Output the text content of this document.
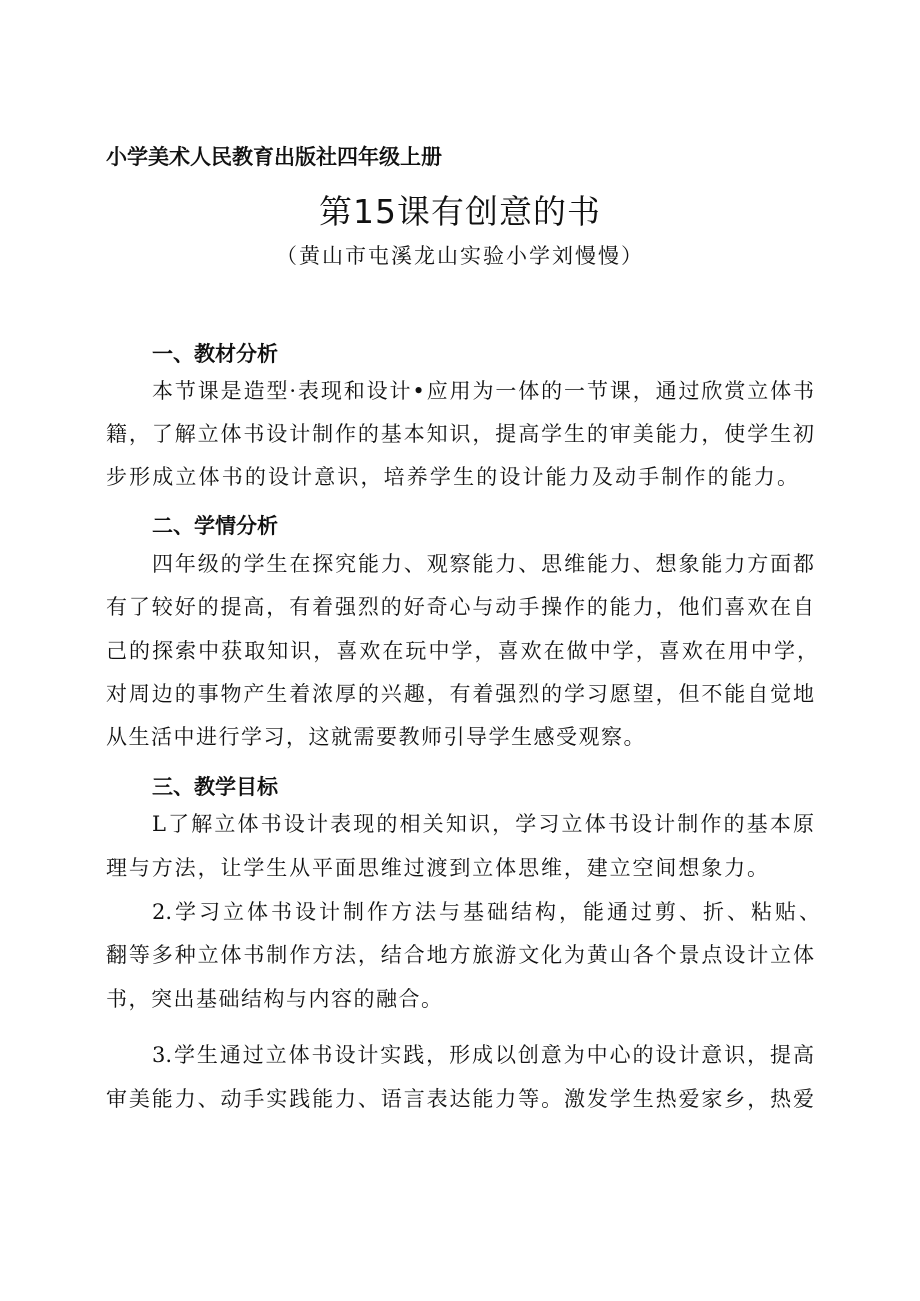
小学美术人民教育出版社四年级上册
第15课有创意的书
（黄山市屯溪龙山实验小学刘慢慢）
一、教材分析
本节课是造型·表现和设计•应用为一体的一节课，通过欣赏立体书
籍，了解立体书设计制作的基本知识，提高学生的审美能力，使学生初
步形成立体书的设计意识，培养学生的设计能力及动手制作的能力。
二、学情分析
四年级的学生在探究能力、观察能力、思维能力、想象能力方面都
有了较好的提高，有着强烈的好奇心与动手操作的能力，他们喜欢在自
己的探索中获取知识，喜欢在玩中学，喜欢在做中学，喜欢在用中学，
对周边的事物产生着浓厚的兴趣，有着强烈的学习愿望，但不能自觉地
从生活中进行学习，这就需要教师引导学生感受观察。
三、教学目标
L了解立体书设计表现的相关知识，学习立体书设计制作的基本原
理与方法，让学生从平面思维过渡到立体思维，建立空间想象力。
2.学习立体书设计制作方法与基础结构，能通过剪、折、粘贴、
翻等多种立体书制作方法，结合地方旅游文化为黄山各个景点设计立体
书，突出基础结构与内容的融合。
3.学生通过立体书设计实践，形成以创意为中心的设计意识，提高
审美能力、动手实践能力、语言表达能力等。激发学生热爱家乡，热爱
